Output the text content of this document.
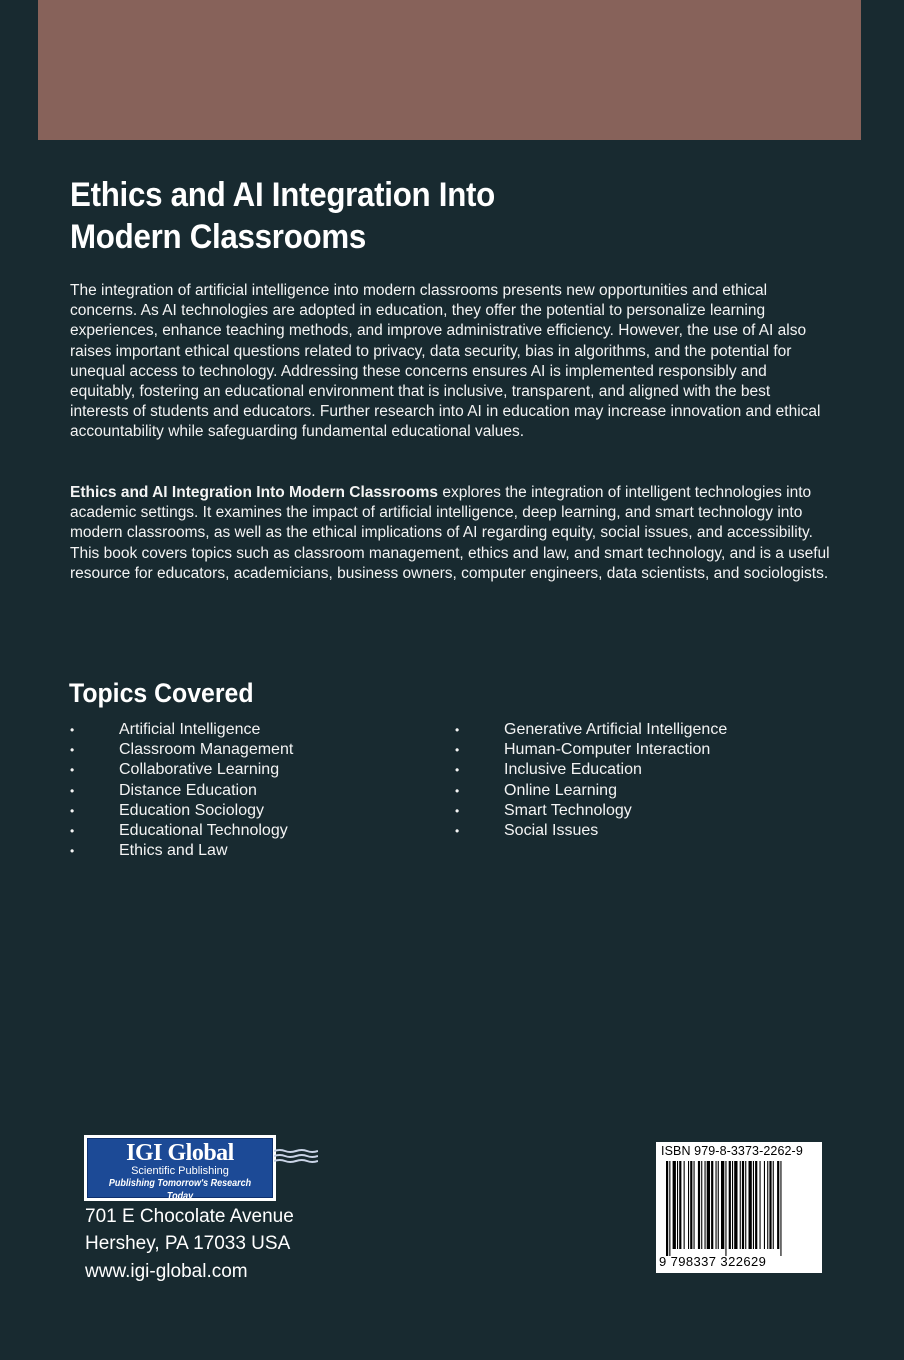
Ethics and AI Integration Into
Modern Classrooms

The integration of artificial intelligence into modern classrooms presents new opportunities and ethical concerns. As AI technologies are adopted in education, they offer the potential to personalize learning experiences, enhance teaching methods, and improve administrative efficiency. However, the use of AI also raises important ethical questions related to privacy, data security, bias in algorithms, and the potential for unequal access to technology. Addressing these concerns ensures AI is implemented responsibly and equitably, fostering an educational environment that is inclusive, transparent, and aligned with the best interests of students and educators. Further research into AI in education may increase innovation and ethical accountability while safeguarding fundamental educational values.

Ethics and AI Integration Into Modern Classrooms explores the integration of intelligent technologies into academic settings. It examines the impact of artificial intelligence, deep learning, and smart technology into modern classrooms, as well as the ethical implications of AI regarding equity, social issues, and accessibility. This book covers topics such as classroom management, ethics and law, and smart technology, and is a useful resource for educators, academicians, business owners, computer engineers, data scientists, and sociologists.

Topics Covered
•	Artificial Intelligence
•	Classroom Management
•	Collaborative Learning
•	Distance Education
•	Education Sociology
•	Educational Technology
•	Ethics and Law
•	Generative Artificial Intelligence
•	Human-Computer Interaction
•	Inclusive Education
•	Online Learning
•	Smart Technology
•	Social Issues
IGI Global
Scientific Publishing
Publishing Tomorrow's Research Today

701 E Chocolate Avenue

Hershey, PA 17033 USA

www.igi-global.com

ISBN 979-8-3373-2262-9
9 798337 322629
